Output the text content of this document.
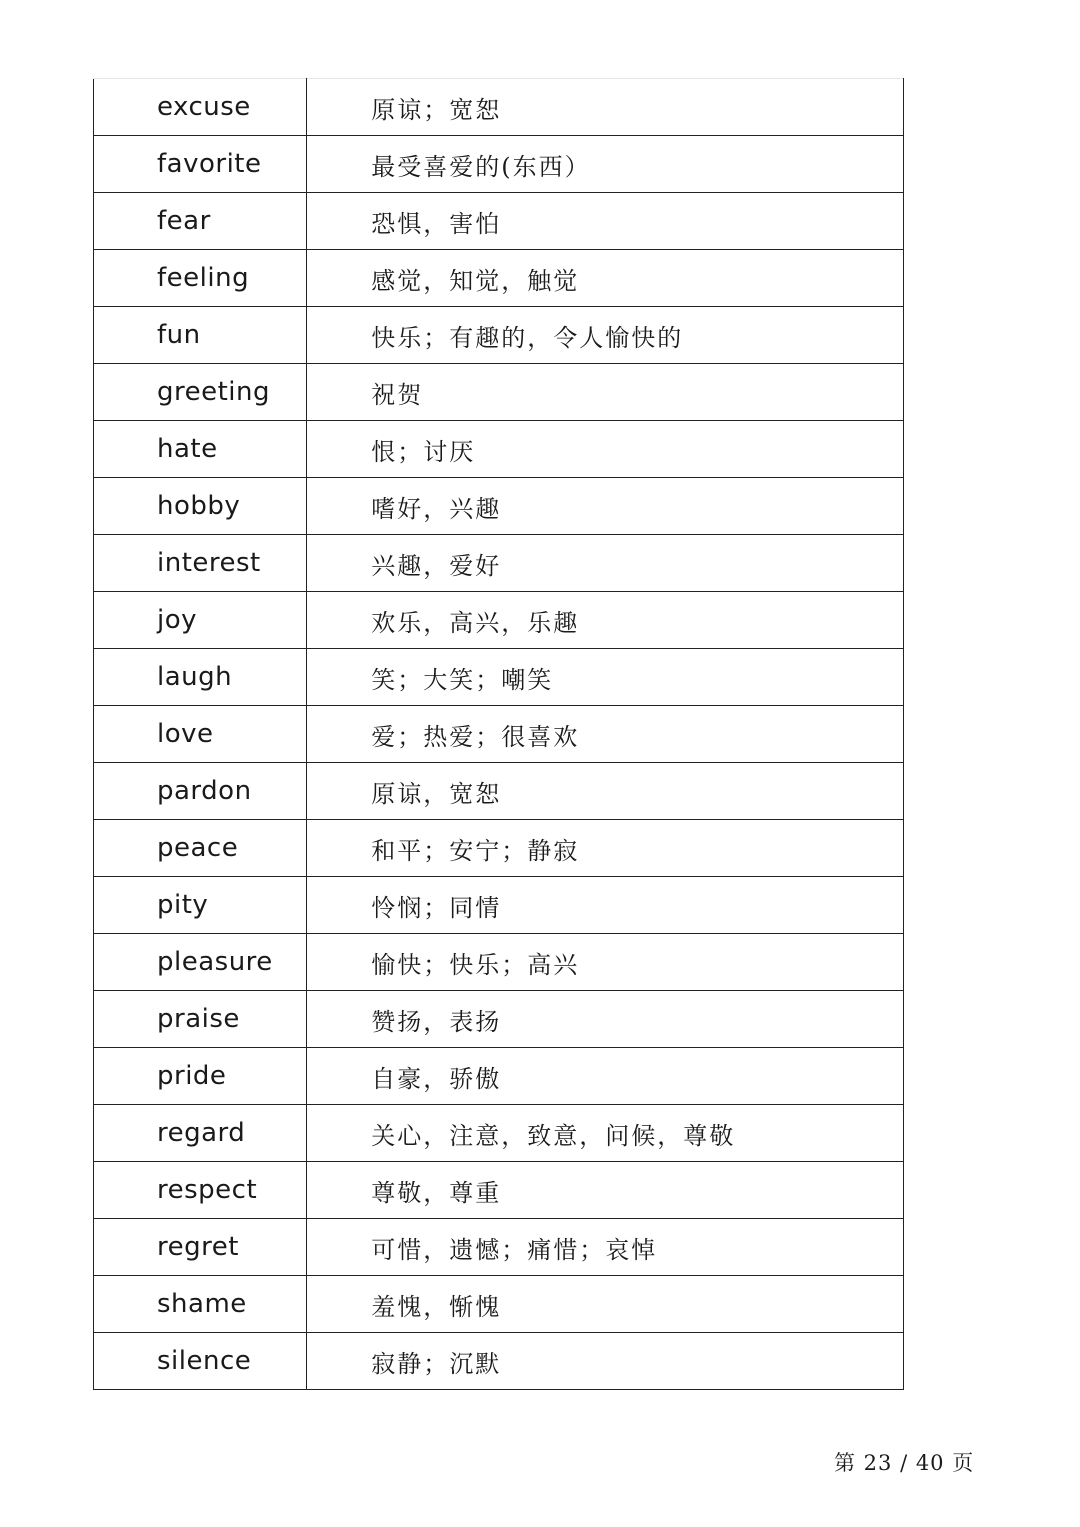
excuse	原谅；宽恕
favorite	最受喜爱的(东西）
fear	恐惧，害怕
feeling	感觉，知觉，触觉
fun	快乐；有趣的，令人愉快的
greeting	祝贺
hate	恨；讨厌
hobby	嗜好，兴趣
interest	兴趣，爱好
joy	欢乐，高兴，乐趣
laugh	笑；大笑；嘲笑
love	爱；热爱；很喜欢
pardon	原谅，宽恕
peace	和平；安宁；静寂
pity	怜悯；同情
pleasure	愉快；快乐；高兴
praise	赞扬，表扬
pride	自豪，骄傲
regard	关心，注意，致意，问候，尊敬
respect	尊敬，尊重
regret	可惜，遗憾；痛惜；哀悼
shame	羞愧，惭愧
silence	寂静；沉默
第 23 / 40 页
